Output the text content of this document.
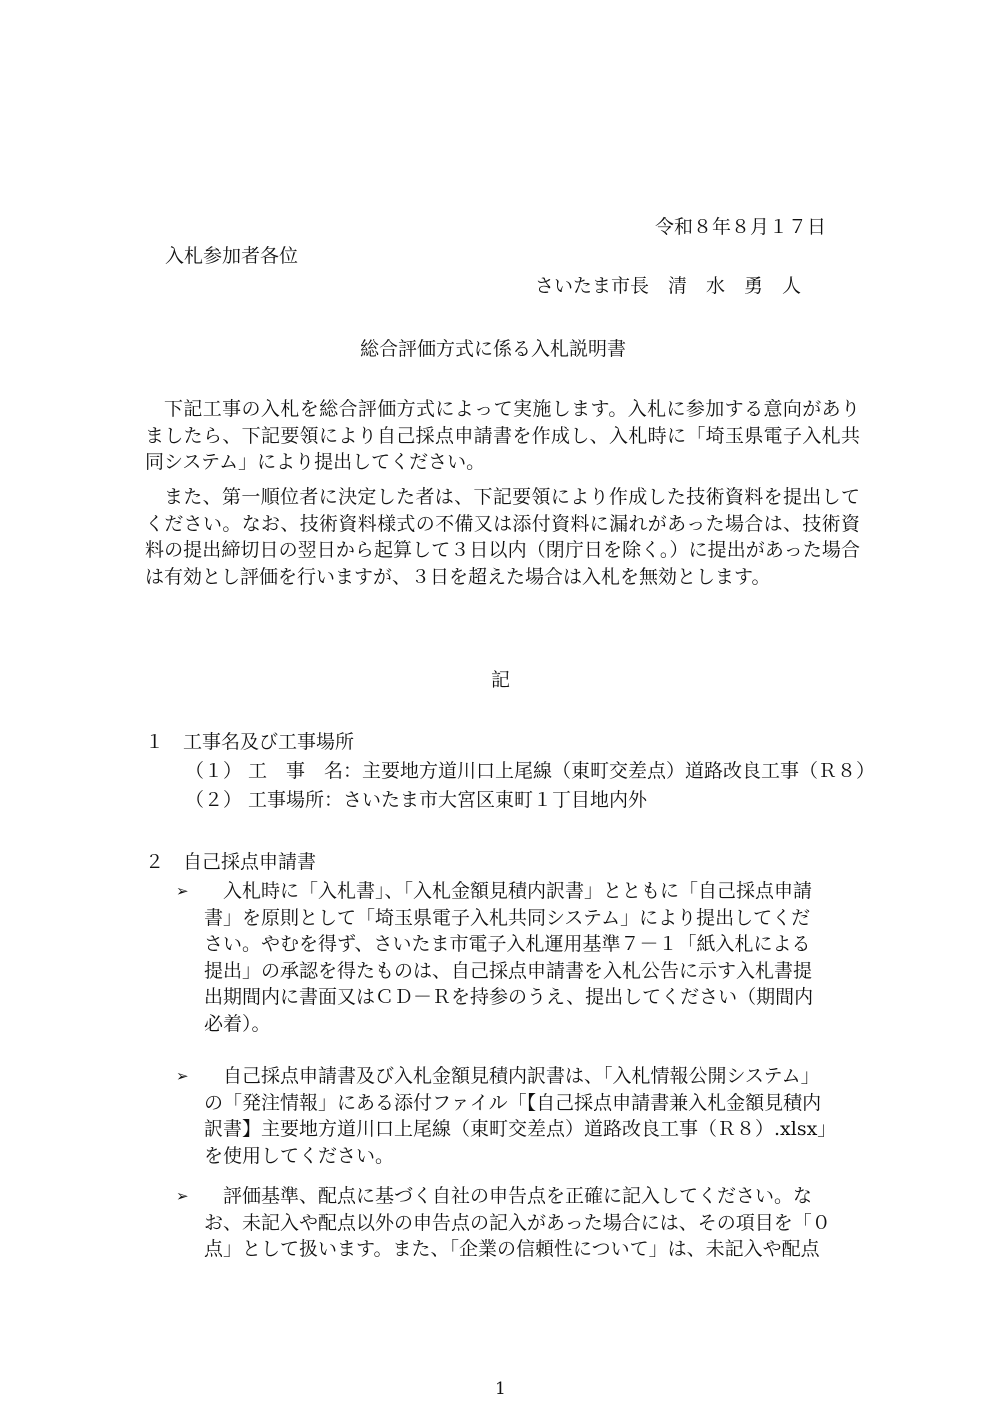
令和８年８月１７日
入札参加者各位
さいたま市長　清　水　勇　人
総合評価方式に係る入札説明書
下記工事の入札を総合評価方式によって実施します。入札に参加する意向がありましたら、下記要領により自己採点申請書を作成し、入札時に「埼玉県電子入札共同システム」により提出してください。
また、第一順位者に決定した者は、下記要領により作成した技術資料を提出してください。なお、技術資料様式の不備又は添付資料に漏れがあった場合は、技術資料の提出締切日の翌日から起算して３日以内（閉庁日を除く。）に提出があった場合は有効とし評価を行いますが、３日を超えた場合は入札を無効とします。
記
１　工事名及び工事場所
（１） 工　事　名：主要地方道川口上尾線（東町交差点）道路改良工事（Ｒ８）
（２） 工事場所：さいたま市大宮区東町１丁目地内外
２　自己採点申請書
➢	　入札時に「入札書」、「入札金額見積内訳書」とともに「自己採点申請
書」を原則として「埼玉県電子入札共同システム」により提出してくだ
さい。やむを得ず、さいたま市電子入札運用基準７－１「紙入札による
提出」の承認を得たものは、自己採点申請書を入札公告に示す入札書提
出期間内に書面又はＣＤ－Ｒを持参のうえ、提出してください（期間内
必着）。
➢	　自己採点申請書及び入札金額見積内訳書は、「入札情報公開システム」
の「発注情報」にある添付ファイル「【自己採点申請書兼入札金額見積内
訳書】主要地方道川口上尾線（東町交差点）道路改良工事（Ｒ８）.xlsx」
を使用してください。
➢	　評価基準、配点に基づく自社の申告点を正確に記入してください。な
お、未記入や配点以外の申告点の記入があった場合には、その項目を「０
点」として扱います。また、「企業の信頼性について」は、未記入や配点
1
